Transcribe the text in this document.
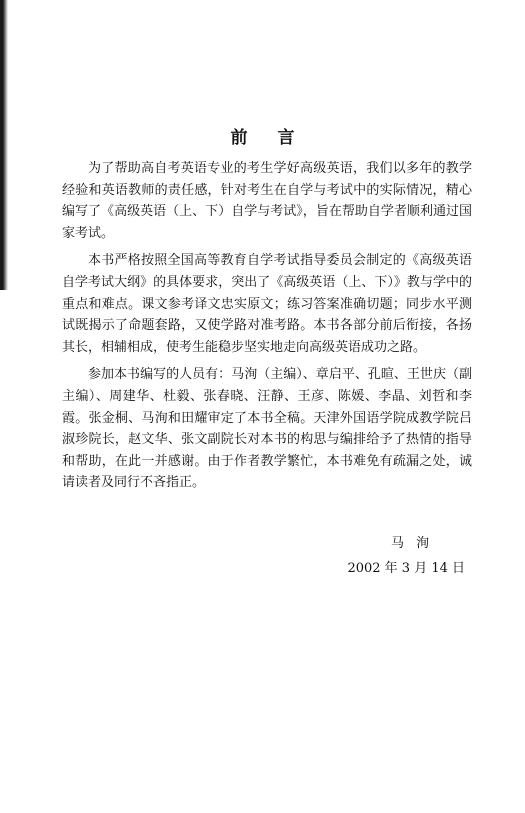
前言

为了帮助高自考英语专业的考生学好高级英语，我们以多年的教学经验和英语教师的责任感，针对考生在自学与考试中的实际情况，精心编写了《高级英语（上、下）自学与考试》，旨在帮助自学者顺利通过国家考试。

本书严格按照全国高等教育自学考试指导委员会制定的《高级英语自学考试大纲》的具体要求，突出了《高级英语（上、下）》教与学中的重点和难点。课文参考译文忠实原文；练习答案准确切题；同步水平测试既揭示了命题套路，又使学路对准考路。本书各部分前后衔接，各扬其长，相辅相成，使考生能稳步坚实地走向高级英语成功之路。

参加本书编写的人员有：马洵（主编）、章启平、孔暄、王世庆（副主编）、周建华、杜毅、张春晓、汪静、王彦、陈媛、李晶、刘哲和李霞。张金桐、马洵和田耀审定了本书全稿。天津外国语学院成教学院吕淑珍院长，赵文华、张文副院长对本书的构思与编排给予了热情的指导和帮助，在此一并感谢。由于作者教学繁忙，本书难免有疏漏之处，诚请读者及同行不吝指正。

马洵
2002 年 3 月 14 日
